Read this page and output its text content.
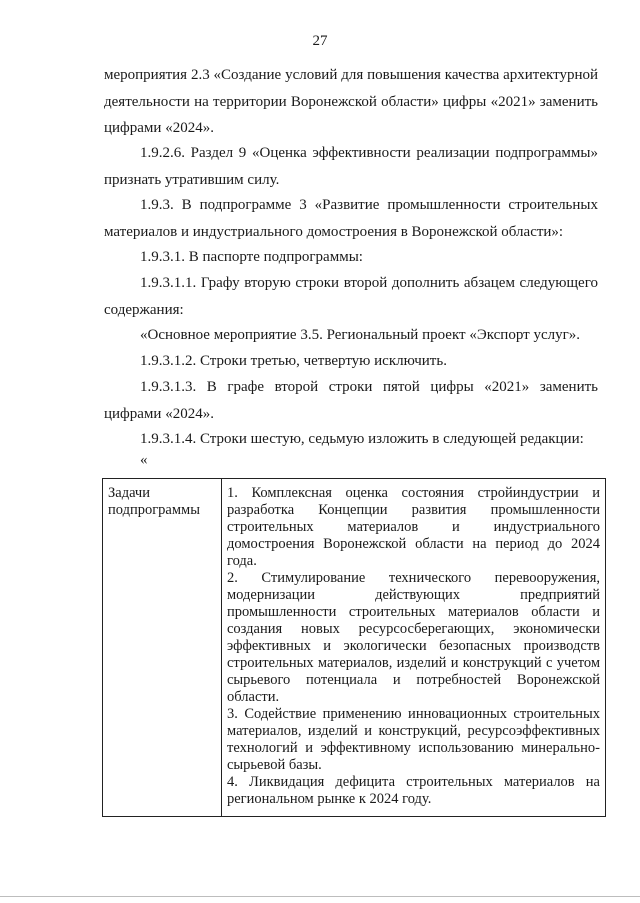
27

мероприятия 2.3 «Создание условий для повышения качества архитектурной деятельности на территории Воронежской области» цифры «2021» заменить цифрами «2024».

1.9.2.6. Раздел 9 «Оценка эффективности реализации подпрограммы» признать утратившим силу.

1.9.3. В подпрограмме 3 «Развитие промышленности строительных материалов и индустриального домостроения в Воронежской области»:

1.9.3.1. В паспорте подпрограммы:

1.9.3.1.1. Графу вторую строки второй дополнить абзацем следующего содержания:

«Основное мероприятие 3.5. Региональный проект «Экспорт услуг».

1.9.3.1.2. Строки третью, четвертую исключить.

1.9.3.1.3. В графе второй строки пятой цифры «2021» заменить цифрами «2024».

1.9.3.1.4. Строки шестую, седьмую изложить в следующей редакции:

«
Задачи подпрограммы	

1. Комплексная оценка состояния стройиндустрии и разработка Концепции развития промышленности строительных материалов и индустриального домостроения Воронежской области на период до 2024 года.

2. Стимулирование технического перевооружения, модернизации действующих предприятий промышленности строительных материалов области и создания новых ресурсосберегающих, экономически эффективных и экологически безопасных производств строительных материалов, изделий и конструкций с учетом сырьевого потенциала и потребностей Воронежской области.

3. Содействие применению инновационных строительных материалов, изделий и конструкций, ресурсоэффективных технологий и эффективному использованию минерально-сырьевой базы.

4. Ликвидация дефицита строительных материалов на региональном рынке к 2024 году.
